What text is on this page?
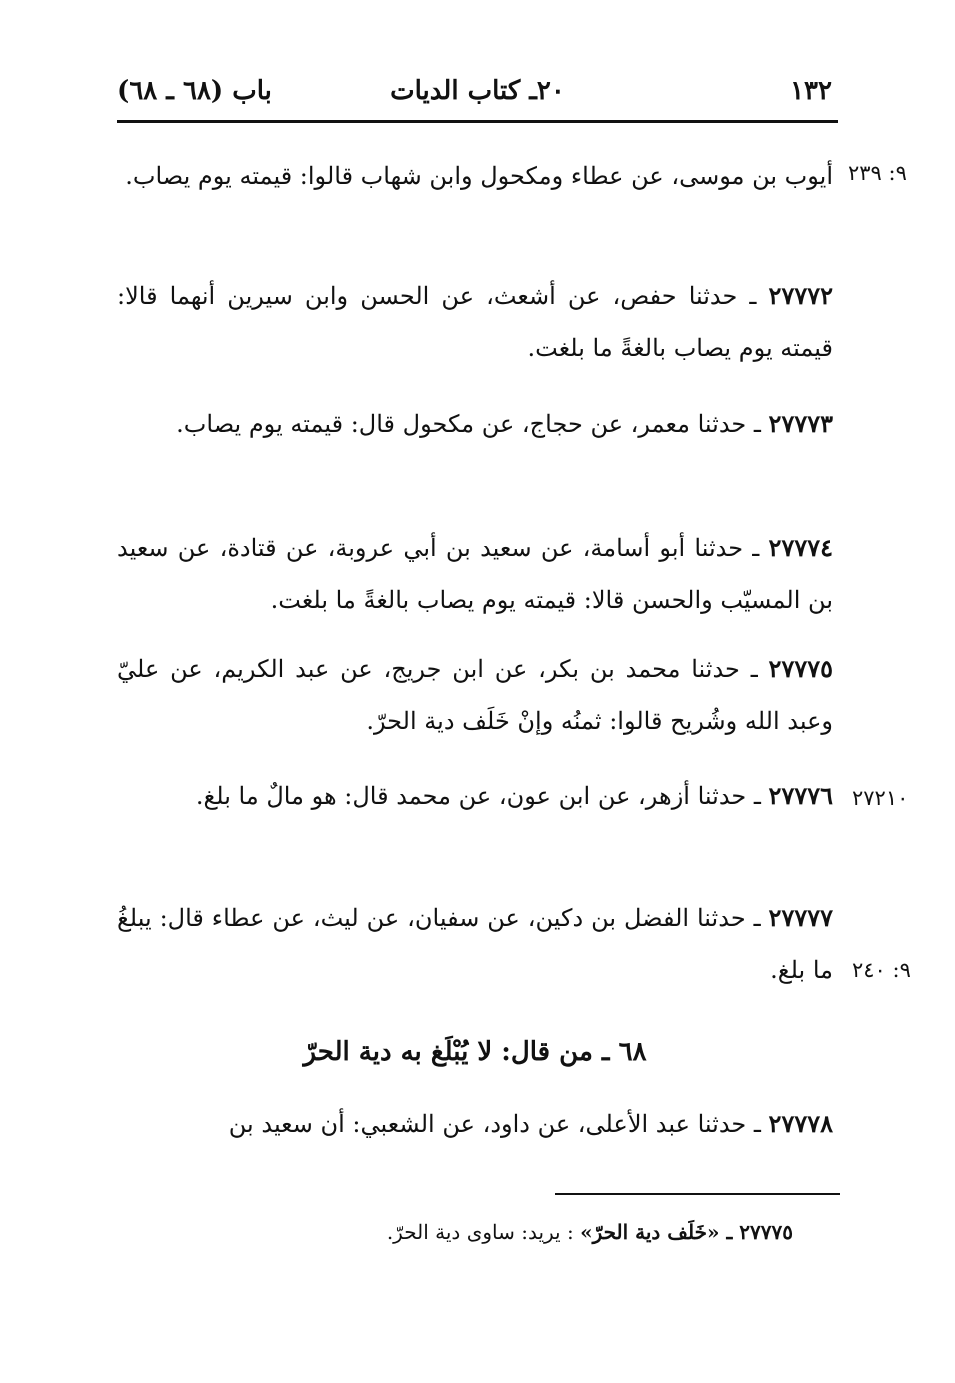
١٣٢
٢٠ـ كتاب الديات
باب (٦٨ ـ ٦٨)
٩: ٢٣٩
٢٧٢١٠
٩: ٢٤٠
أيوب بن موسى، عن عطاء ومكحول وابن شهاب قالوا: قيمته يوم يصاب.
٢٧٧٧٢ ـ حدثنا حفص، عن أشعث، عن الحسن وابن سيرين أنهما قالا: قيمته يوم يصاب بالغةً ما بلغت.
٢٧٧٧٣ ـ حدثنا معمر، عن حجاج، عن مكحول قال: قيمته يوم يصاب.
٢٧٧٧٤ ـ حدثنا أبو أسامة، عن سعيد بن أبي عروبة، عن قتادة، عن سعيد بن المسيّب والحسن قالا: قيمته يوم يصاب بالغةً ما بلغت.
٢٧٧٧٥ ـ حدثنا محمد بن بكر، عن ابن جريج، عن عبد الكريم، عن عليّ وعبد الله وشُريح قالوا: ثمنُه وإنْ خَلَف دية الحرّ.
٢٧٧٧٦ ـ حدثنا أزهر، عن ابن عون، عن محمد قال: هو مالٌ ما بلغ.
٢٧٧٧٧ ـ حدثنا الفضل بن دكين، عن سفيان، عن ليث، عن عطاء قال: يبلغُ ما بلغ.
٦٨ ـ من قال: لا يُبْلَغ به دية الحرّ
٢٧٧٧٨ ـ حدثنا عبد الأعلى، عن داود، عن الشعبي: أن سعيد بن
٢٧٧٧٥ ـ «خَلَف دية الحرّ» : يريد: ساوى دية الحرّ.
